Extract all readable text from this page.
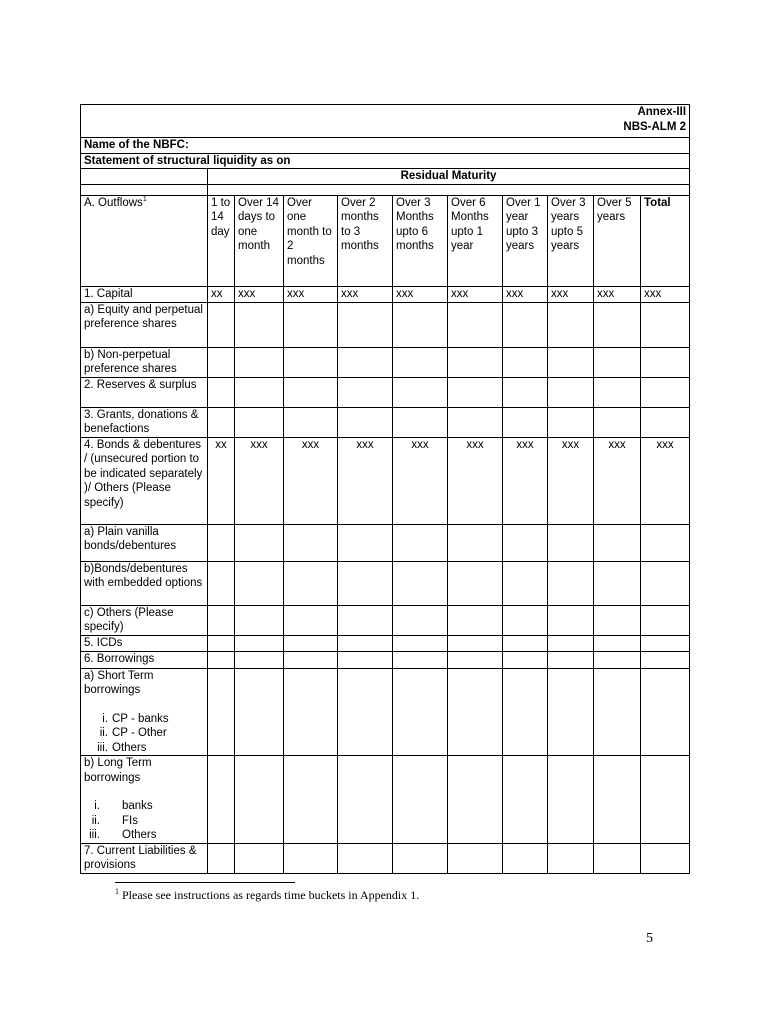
Annex-III
NBS-ALM 2										

Name of the NBFC:										
Statement of structural liquidity as on										
	Residual Maturity									

A. Outflows$^1$	1 to 14 day	Over 14 days to one month	Over one month to 2 months	Over 2 months to 3 months	Over 3 Months upto 6 months	Over 6 Months upto 1 year	Over 1 year upto 3 years	Over 3 years upto 5 years	Over 5 years	Total
1. Capital	xx	xxx	xxx	xxx	xxx	xxx	xxx	xxx	xxx	xxx
a) Equity and perpetual preference shares										
b) Non-perpetual preference shares										
2. Reserves & surplus										
3. Grants, donations & benefactions										
4. Bonds & debentures / (unsecured portion to be indicated separately )/ Others (Please specify)	xx	xxx	xxx	xxx	xxx	xxx	xxx	xxx	xxx	xxx
a) Plain vanilla bonds/debentures										
b)Bonds/debentures with embedded options										
c) Others (Please specify)										
5. ICDs										
6. Borrowings										

a) Short Term borrowings
i. CP - banks
ii. CP - Other
iii. Others										

b) Long Term borrowings
i. banks
ii. FIs
iii. Others										

7. Current Liabilities & provisions										
$^1$ Please see instructions as regards time buckets in Appendix 1.
5
